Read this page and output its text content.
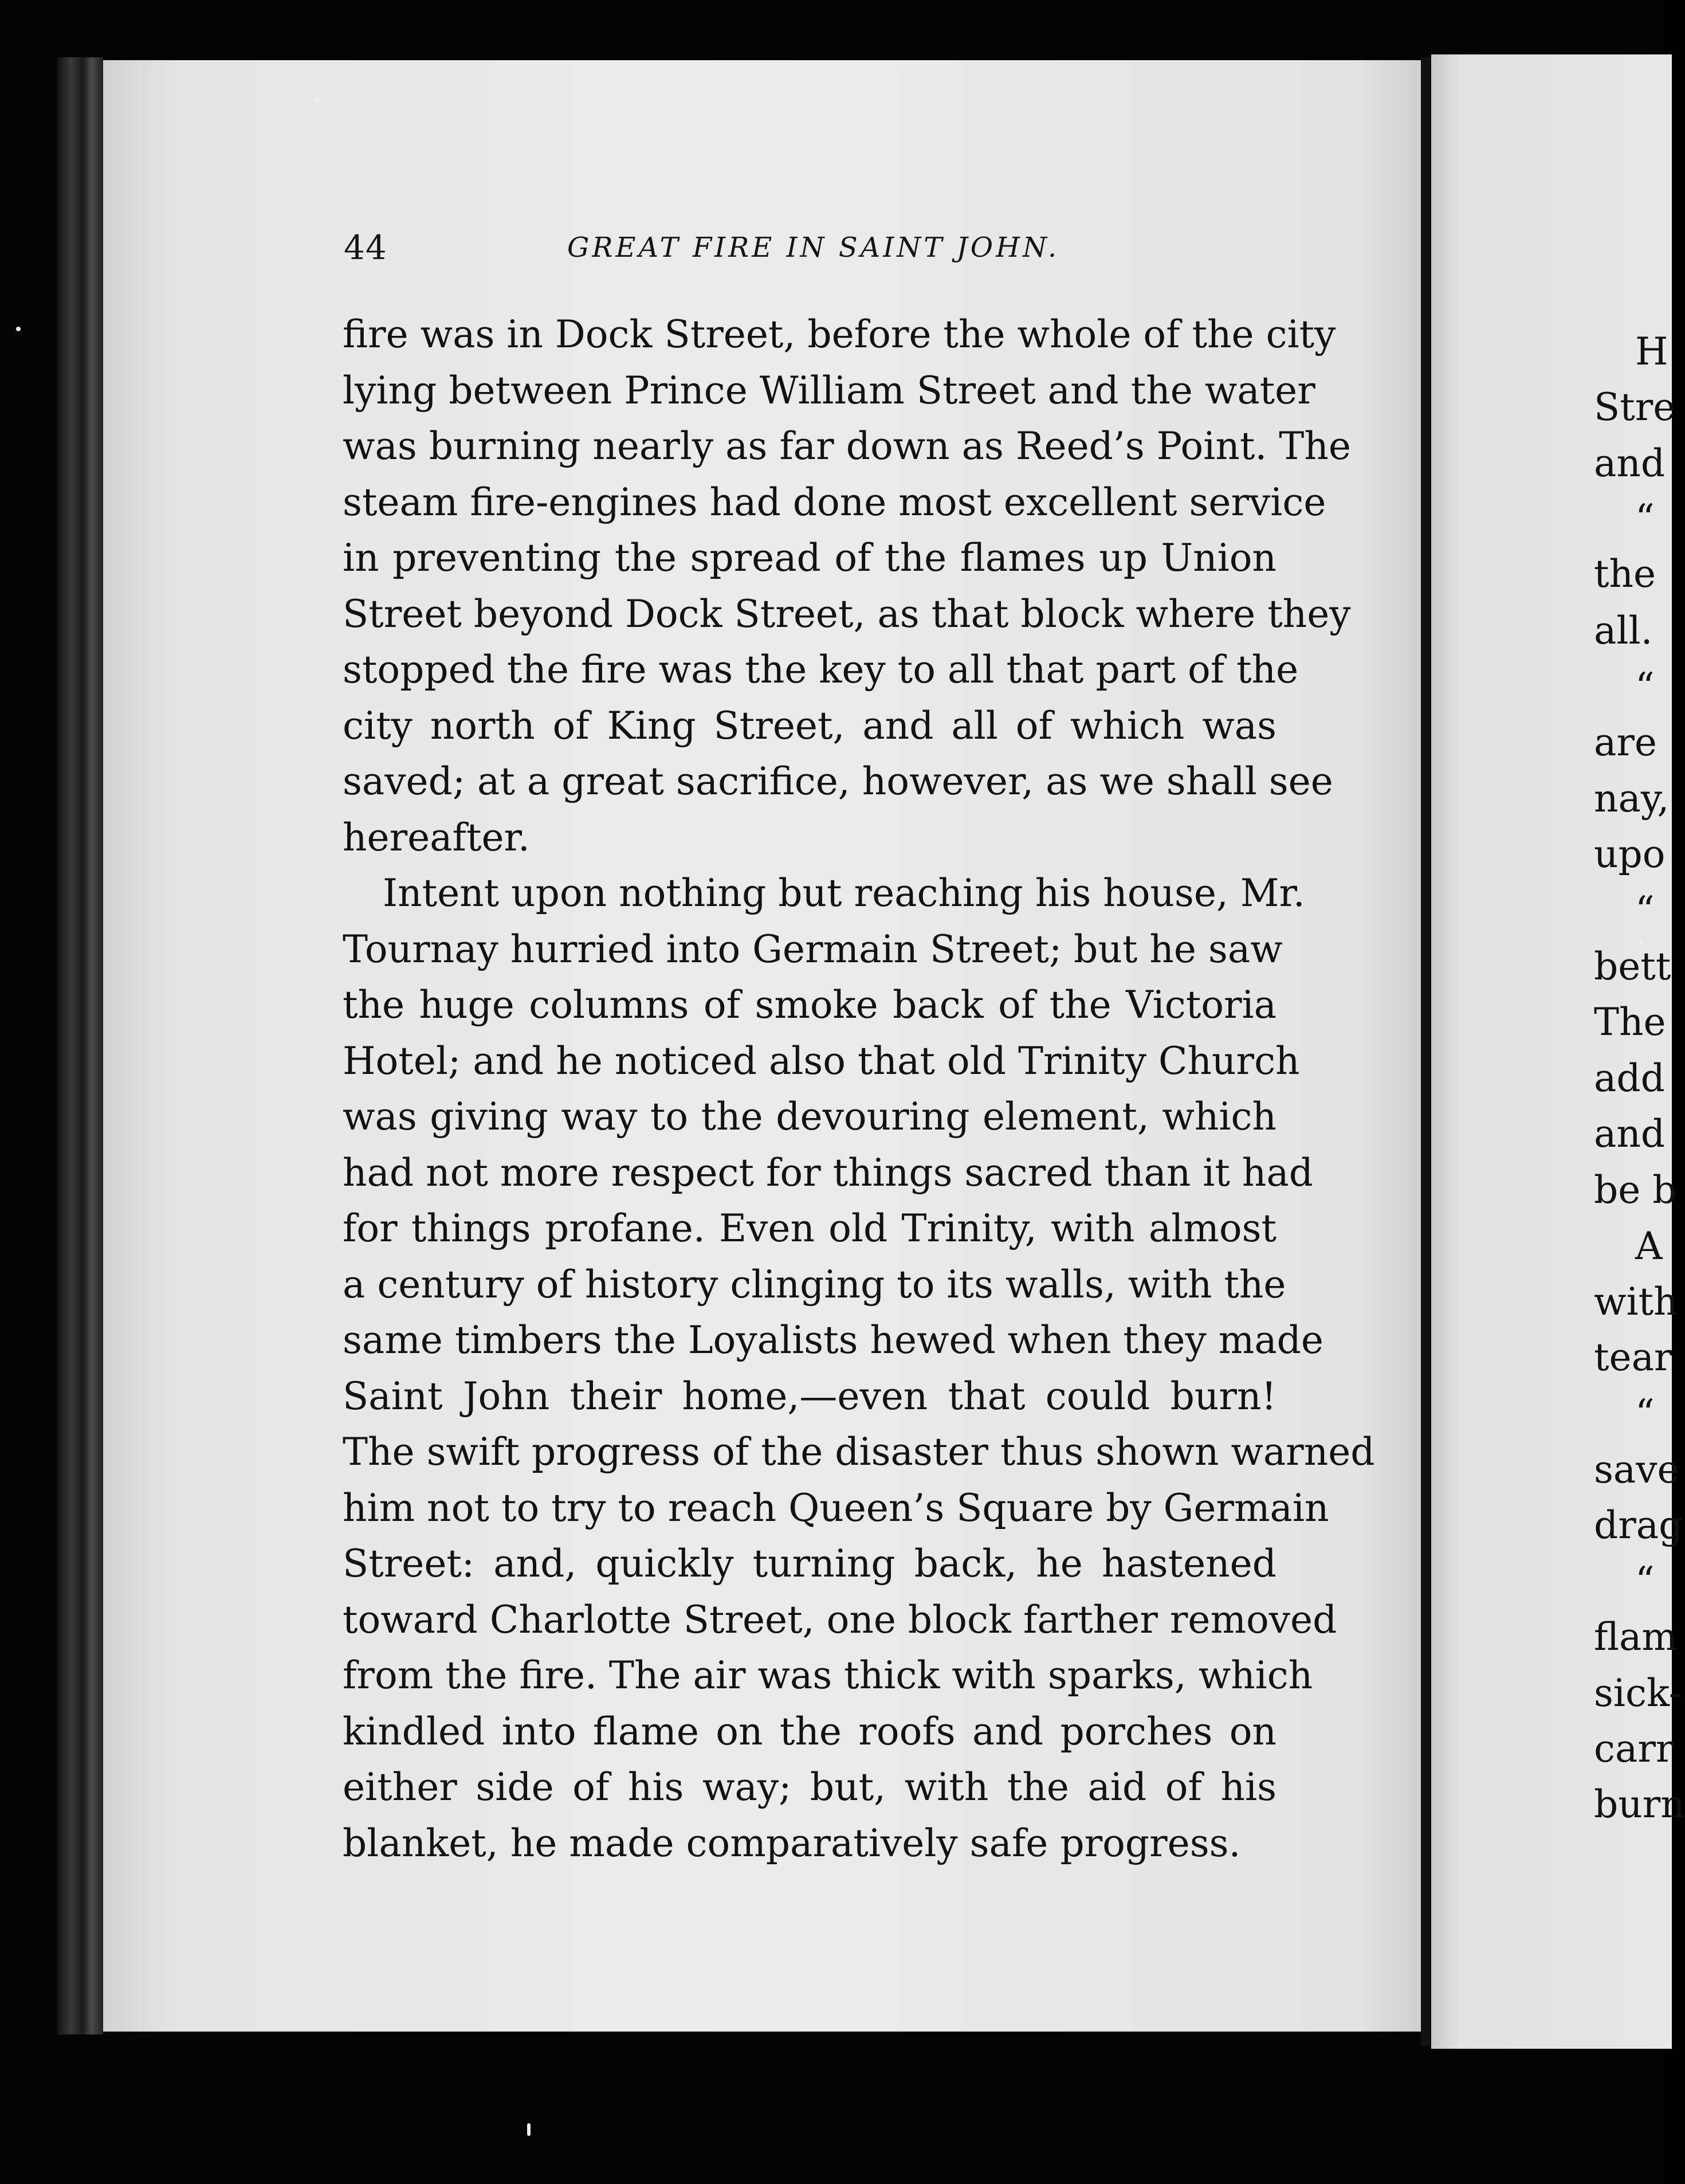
44	GREAT FIRE IN SAINT JOHN.
fire was in Dock Street, before the whole of the city
lying between Prince William Street and the water
was burning nearly as far down as Reed’s Point. The
steam fire-engines had done most excellent service
in preventing the spread of the flames up Union
Street beyond Dock Street, as that block where they
stopped the fire was the key to all that part of the
city north of King Street, and all of which was
saved; at a great sacrifice, however, as we shall see
hereafter.
Intent upon nothing but reaching his house, Mr.
Tournay hurried into Germain Street; but he saw
the huge columns of smoke back of the Victoria
Hotel; and he noticed also that old Trinity Church
was giving way to the devouring element, which
had not more respect for things sacred than it had
for things profane. Even old Trinity, with almost
a century of history clinging to its walls, with the
same timbers the Loyalists hewed when they made
Saint John their home,—even that could burn!
The swift progress of the disaster thus shown warned
him not to try to reach Queen’s Square by Germain
Street: and, quickly turning back, he hastened
toward Charlotte Street, one block farther removed
from the fire. The air was thick with sparks, which
kindled into flame on the roofs and porches on
either side of his way; but, with the aid of his
blanket, he made comparatively safe progress.
H
Stre
and
“
the
all.
“
are
nay,
upo
“
bett
The
add
and
be b
A
with
tear
“
save
drag
“
flam
sick-
carr
burn
